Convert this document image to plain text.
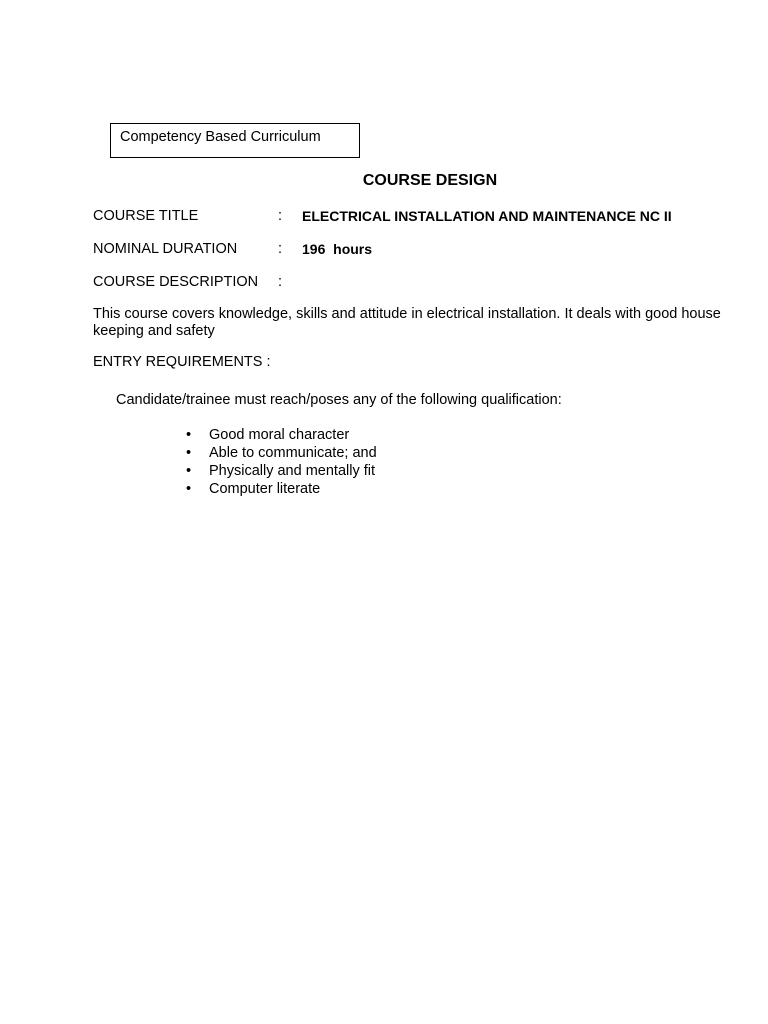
Competency Based Curriculum
COURSE DESIGN
COURSE TITLE	: ELECTRICAL INSTALLATION AND MAINTENANCE NC II
NOMINAL DURATION	: 196  hours
COURSE DESCRIPTION :
This course covers knowledge, skills and attitude in electrical installation. It deals with good house keeping and safety
ENTRY REQUIREMENTS :
Candidate/trainee must reach/poses any of the following qualification:
• Good moral character
• Able to communicate; and
• Physically and mentally fit
• Computer literate
